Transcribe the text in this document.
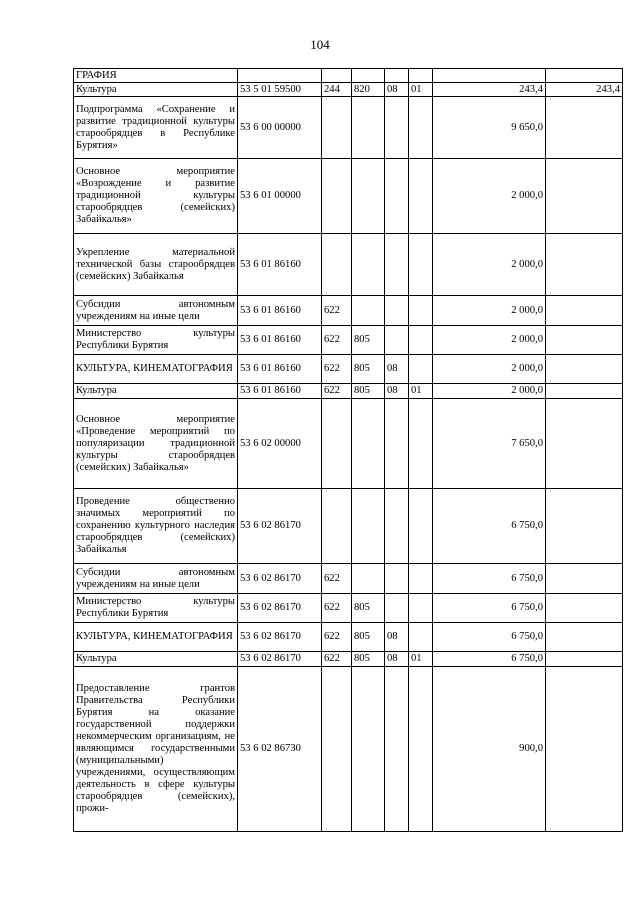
104
ГРАФИЯ							
Культура	53 5 01 59500	244	820	08	01	243,4	243,4
Подпрограмма «Сохранение и развитие традиционной культуры старообрядцев в Республике Бурятия»	53 6 00 00000					9 650,0	
Основное мероприятие «Возрождение и развитие традиционной культуры старообрядцев (семейских) Забайкалья»	53 6 01 00000					2 000,0	
Укрепление материальной технической базы старообрядцев (семейских) Забайкалья	53 6 01 86160					2 000,0	
Субсидии автономным учреждениям на иные цели	53 6 01 86160	622				2 000,0	
Министерство культуры Республики Бурятия	53 6 01 86160	622	805			2 000,0	
КУЛЬТУРА, КИНЕМАТОГРАФИЯ	53 6 01 86160	622	805	08		2 000,0	
Культура	53 6 01 86160	622	805	08	01	2 000,0	
Основное мероприятие «Проведение мероприятий по популяризации традиционной культуры старообрядцев (семейских) Забайкалья»	53 6 02 00000					7 650,0	
Проведение общественно значимых мероприятий по сохранению культурного наследия старообрядцев (семейских) Забайкалья	53 6 02 86170					6 750,0	
Субсидии автономным учреждениям на иные цели	53 6 02 86170	622				6 750,0	
Министерство культуры Республики Бурятия	53 6 02 86170	622	805			6 750,0	
КУЛЬТУРА, КИНЕМАТОГРАФИЯ	53 6 02 86170	622	805	08		6 750,0	
Культура	53 6 02 86170	622	805	08	01	6 750,0	
Предоставление грантов Правительства Республики Бурятия на оказание государственной поддержки некоммерческим организациям, не являющимся государственными (муниципальными) учреждениями, осуществляющим деятельность в сфере культуры старообрядцев (семейских), прожи-	53 6 02 86730					900,0	
